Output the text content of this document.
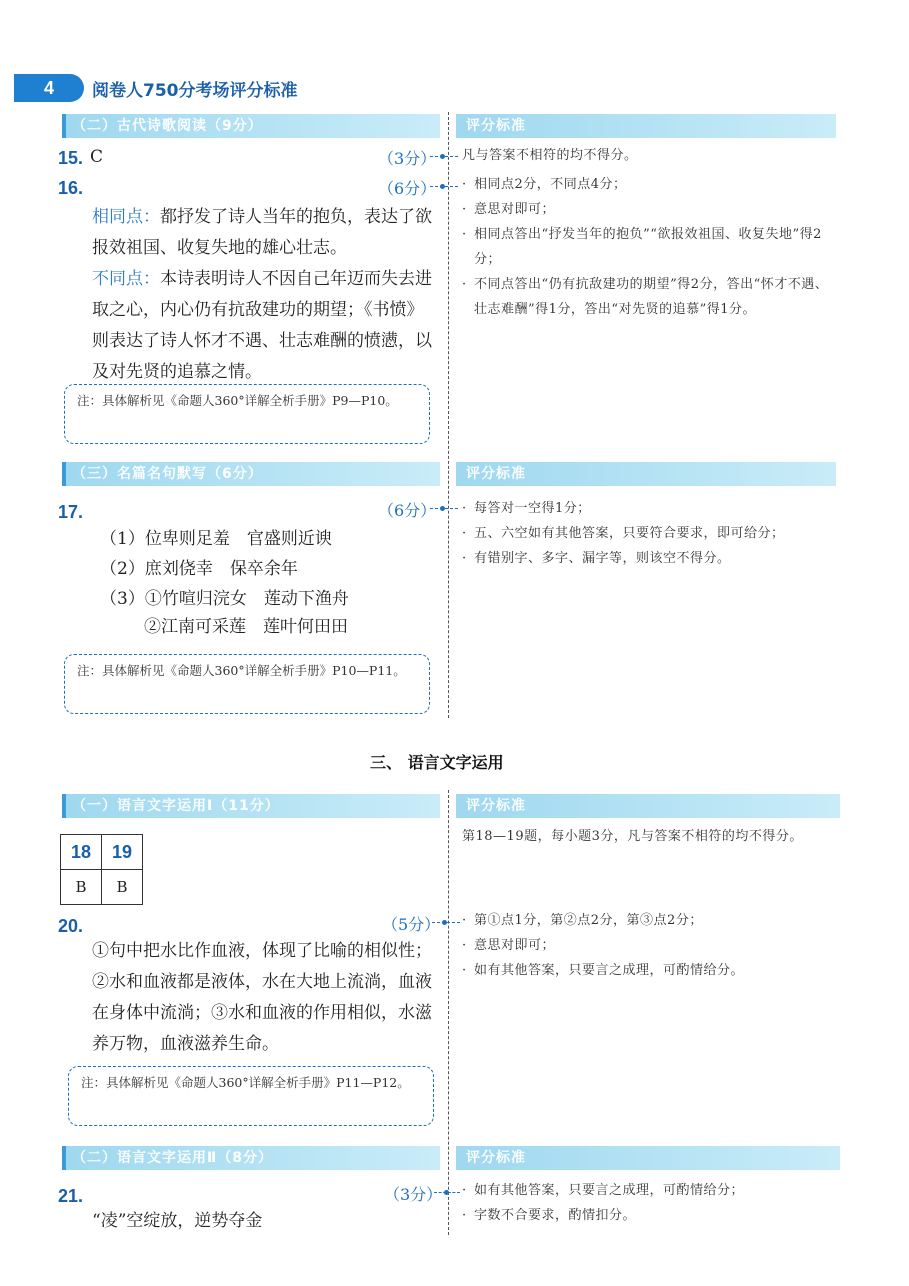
4	阅卷人750分考场评分标准
（二）古代诗歌阅读（9分）	评分标准
15. C	（3分） 凡与答案不相符的均不得分。
16.	（6分）
相同点：都抒发了诗人当年的抱负，表达了欲报效祖国、收复失地的雄心壮志。
不同点：本诗表明诗人不因自己年迈而失去进取之心，内心仍有抗敌建功的期望；《书愤》则表达了诗人怀才不遇、壮志难酬的愤懑，以及对先贤的追慕之情。
· 相同点2分，不同点4分；
· 意思对即可；
· 相同点答出“抒发当年的抱负”“欲报效祖国、收复失地”得2分；
· 不同点答出“仍有抗敌建功的期望”得2分，答出“怀才不遇、壮志难酬”得1分，答出“对先贤的追慕”得1分。
注：具体解析见《命题人360°详解全析手册》P9—P10。
（三）名篇名句默写（6分）	评分标准
17.	（6分）
（1）位卑则足羞　官盛则近谀
（2）庶刘侥幸　保卒余年
（3）①竹喧归浣女　莲动下渔舟
②江南可采莲　莲叶何田田
· 每答对一空得1分；
· 五、六空如有其他答案，只要符合要求，即可给分；
· 有错别字、多字、漏字等，则该空不得分。
注：具体解析见《命题人360°详解全析手册》P10—P11。
三、 语言文字运用
（一）语言文字运用Ⅰ（11分）	评分标准
18	19
B	B
第18—19题，每小题3分，凡与答案不相符的均不得分。
20.	（5分）
①句中把水比作血液，体现了比喻的相似性；②水和血液都是液体，水在大地上流淌，血液在身体中流淌；③水和血液的作用相似，水滋养万物，血液滋养生命。
· 第①点1分，第②点2分，第③点2分；
· 意思对即可；
· 如有其他答案，只要言之成理，可酌情给分。
注：具体解析见《命题人360°详解全析手册》P11—P12。
（二）语言文字运用Ⅱ（8分）	评分标准
21.	（3分）
“凌”空绽放，逆势夺金
· 如有其他答案，只要言之成理，可酌情给分；
· 字数不合要求，酌情扣分。
